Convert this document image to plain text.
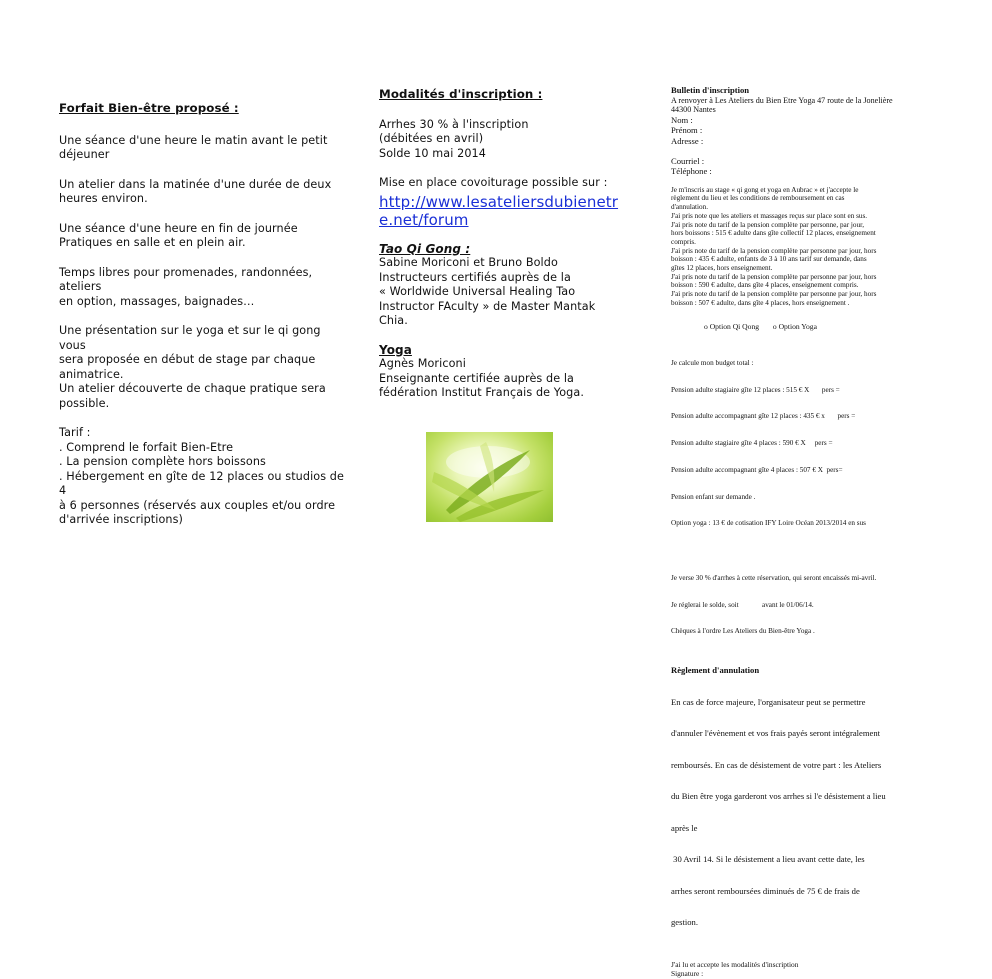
Forfait Bien-être proposé :

Une séance d'une heure le matin avant le petit

déjeuner

Un atelier dans la matinée d'une durée de deux

heures environ.

Une séance d'une heure en fin de journée

Pratiques en salle et en plein air.

Temps libres pour promenades, randonnées, ateliers

en option, massages, baignades…

Une présentation sur le yoga et sur le qi gong vous

sera proposée en début de stage par chaque

animatrice.

Un atelier découverte de chaque pratique sera

possible.

Tarif :

. Comprend le forfait Bien-Etre

. La pension complète hors boissons

. Hébergement en gîte de 12 places ou studios de 4

à 6 personnes (réservés aux couples et/ou ordre

d'arrivée inscriptions)

Modalités d'inscription :

Arrhes 30 % à l'inscription

(débitées en avril)

Solde 10 mai 2014

Mise en place covoiturage possible sur :

http://www.lesateliersdubienetre.net/forum

Tao Qi Gong :

Sabine Moriconi et Bruno Boldo

Instructeurs certifiés auprès de la

« Worldwide Universal Healing Tao

Instructor FAculty » de Master Mantak

Chia.

Yoga

Agnès Moriconi

Enseignante certifiée auprès de la

fédération Institut Français de Yoga.

Bulletin d'inscription

A renvoyer à Les Ateliers du Bien Etre Yoga 47 route de la Jonelière

44300 Nantes

Nom :

Prénom :

Adresse :

Courriel :

Téléphone :

Je m'inscris au stage « qi gong et yoga en Aubrac » et j'accepte le

règlement du lieu et les conditions de remboursement en cas

d'annulation.

J'ai pris note que les ateliers et massages reçus sur place sont en sus.

J'ai pris note du tarif de la pension complète par personne, par jour,

hors boissons : 515 € adulte dans gîte collectif 12 places, enseignement

compris.

J'ai pris note du tarif de la pension complète par personne par jour, hors

boisson : 435 € adulte, enfants de 3 à 10 ans tarif sur demande, dans

gîtes 12 places, hors enseignement.

J'ai pris note du tarif de la pension complète par personne par jour, hors

boisson : 590 € adulte, dans gîte 4 places, enseignement compris.

J'ai pris note du tarif de la pension complète par personne par jour, hors

boisson : 507 € adulte, dans gîte 4 places, hors enseignement .

o Option Qi Qong o Option Yoga

Je calcule mon budget total :

Pension adulte stagiaire gîte 12 places : 515 € X       pers =

Pension adulte accompagnant gîte 12 places : 435 € x       pers =

Pension adulte stagiaire gîte 4 places : 590 € X     pers =

Pension adulte accompagnant gîte 4 places : 507 € X  pers=

Pension enfant sur demande .

Option yoga : 13 € de cotisation IFY Loire Océan 2013/2014 en sus

Je verse 30 % d'arrhes à cette réservation, qui seront encaissés mi-avril.

Je réglerai le solde, soit             avant le 01/06/14.

Chèques à l'ordre Les Ateliers du Bien-être Yoga .

Règlement d'annulation

En cas de force majeure, l'organisateur peut se permettre

d'annuler l'évènement et vos frais payés seront intégralement

remboursés. En cas de désistement de votre part : les Ateliers

du Bien être yoga garderont vos arrhes si l'e désistement a lieu

après le

30 Avril 14. Si le désistement a lieu avant cette date, les

arrhes seront remboursées diminués de 75 € de frais de

gestion.

J'ai lu et accepte les modalités d'inscription

Signature :
